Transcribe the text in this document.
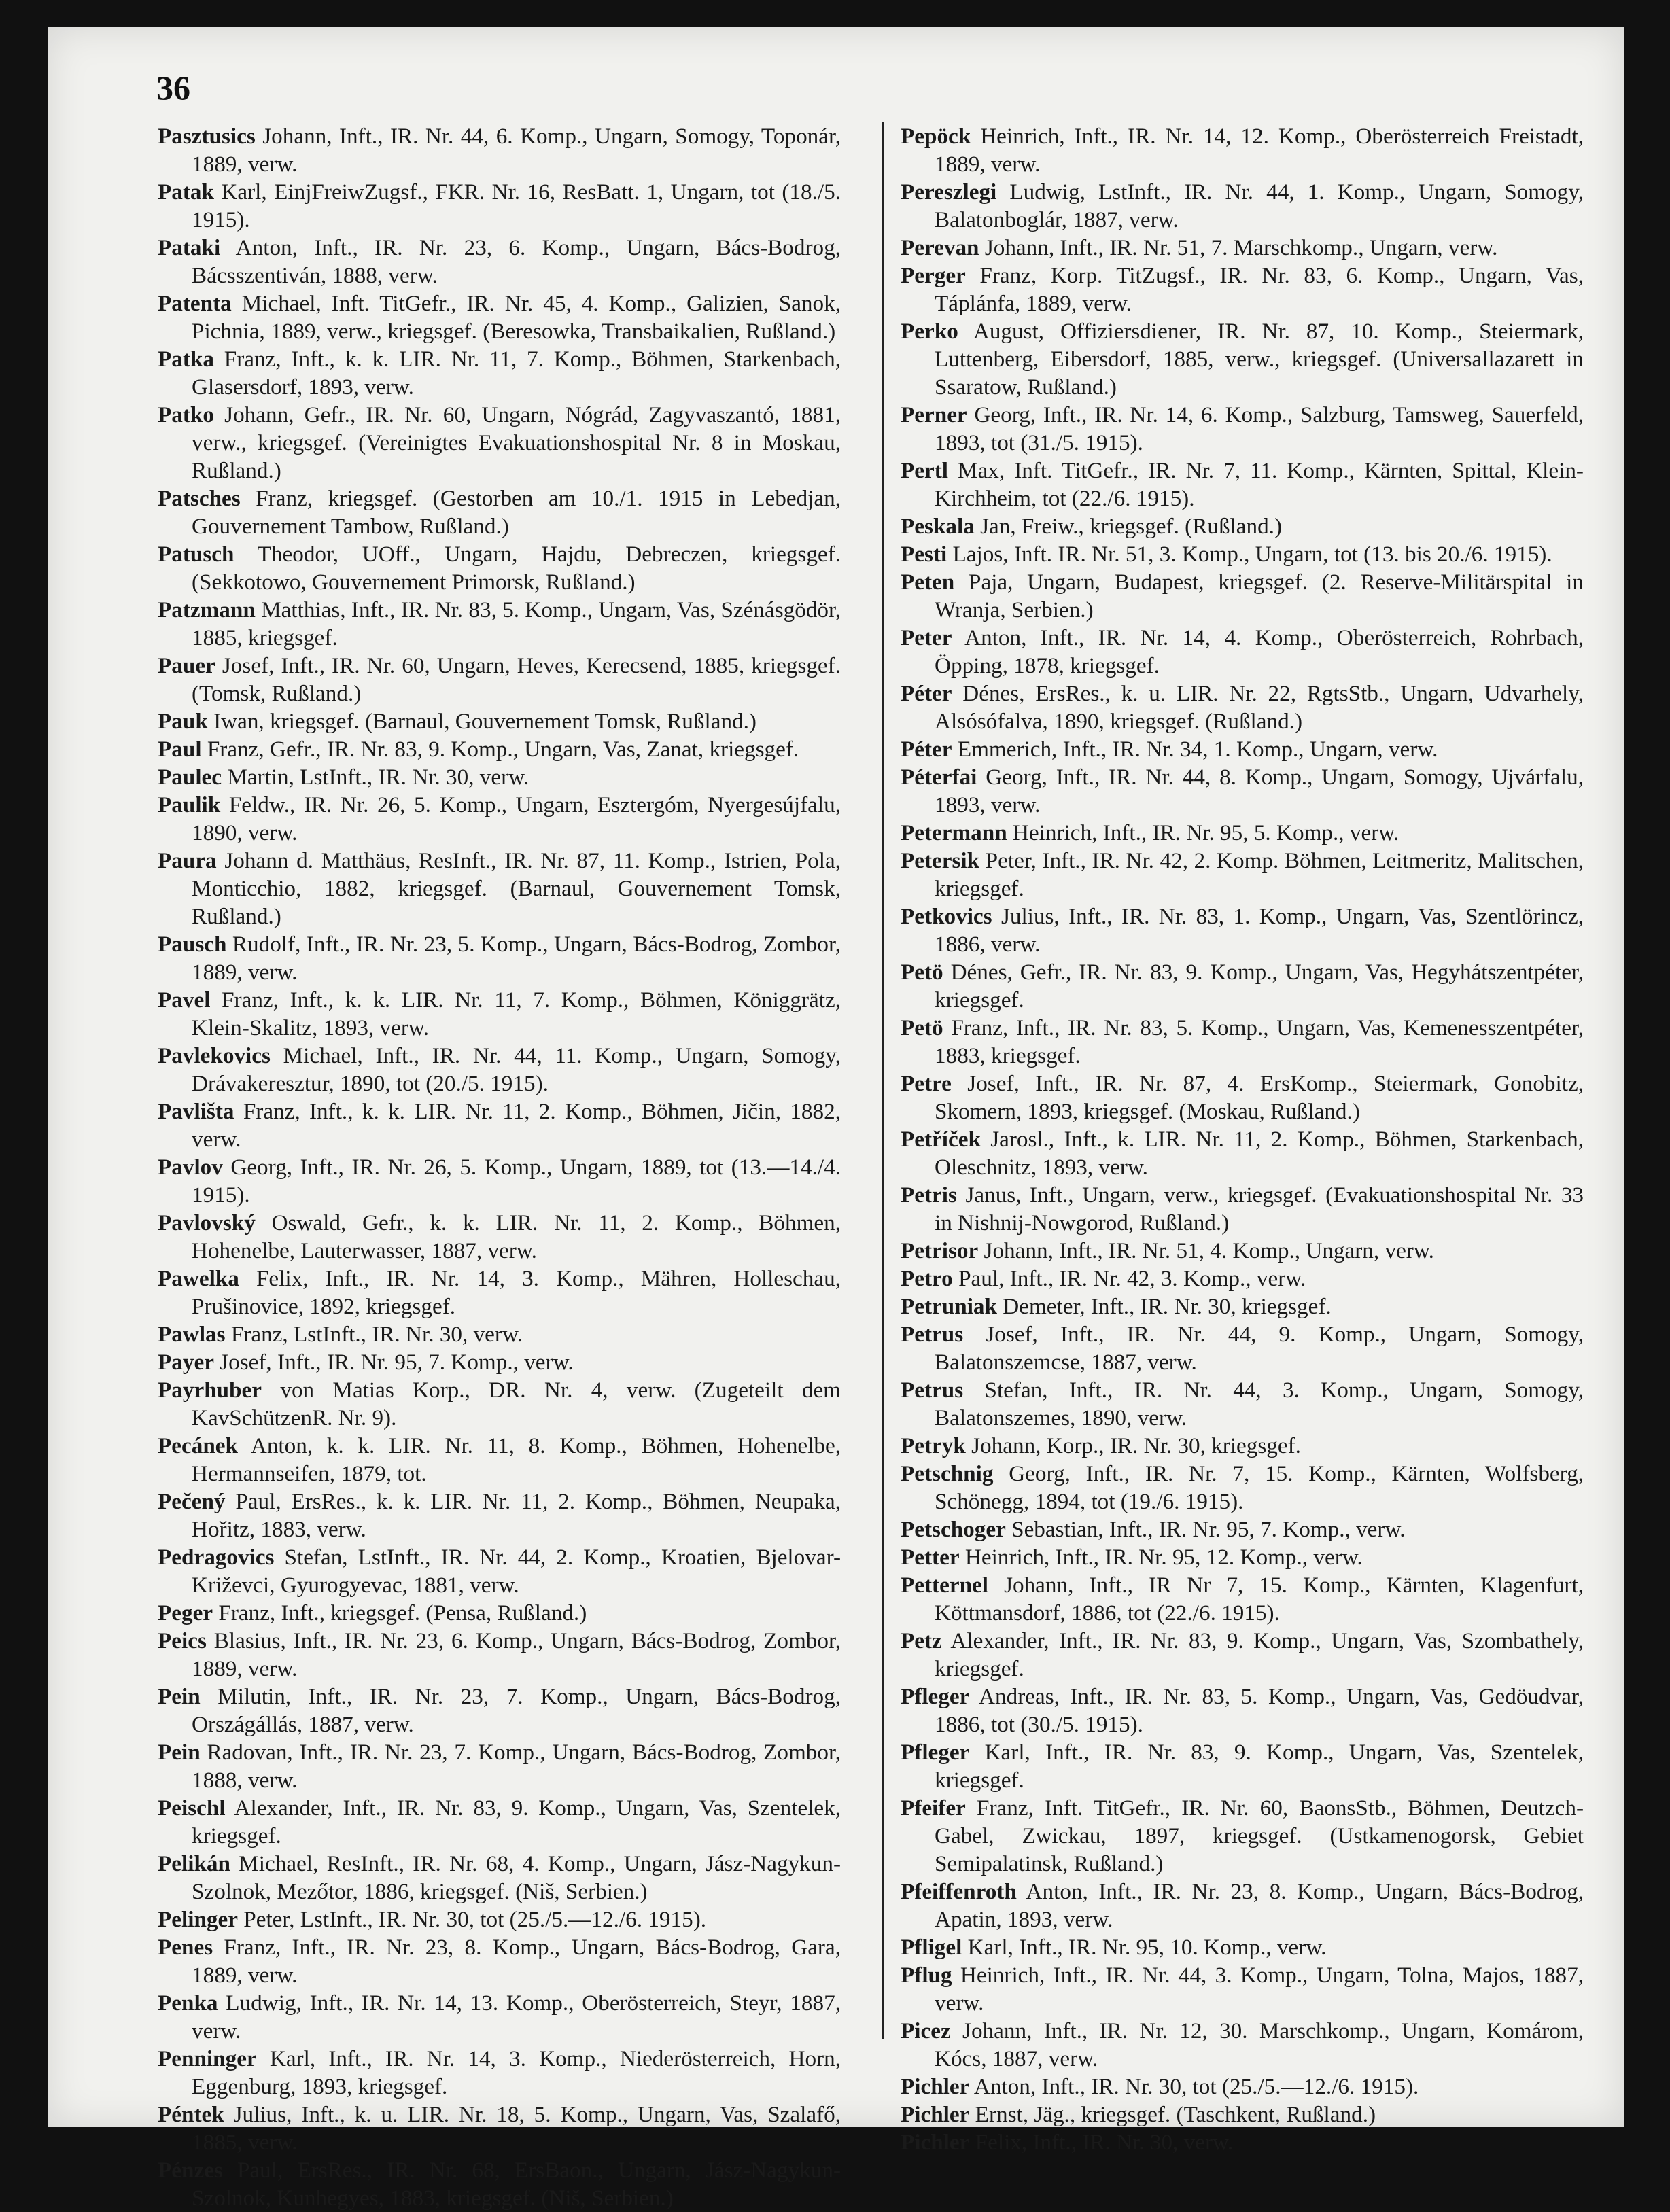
36

Pasztusics Johann, Inft., IR. Nr. 44, 6. Komp., Ungarn, Somogy, Toponár, 1889, verw.

Patak Karl, EinjFreiwZugsf., FKR. Nr. 16, ResBatt. 1, Ungarn, tot (18./5. 1915).

Pataki Anton, Inft., IR. Nr. 23, 6. Komp., Ungarn, Bács-Bodrog, Bácsszentiván, 1888, verw.

Patenta Michael, Inft. TitGefr., IR. Nr. 45, 4. Komp., Galizien, Sanok, Pichnia, 1889, verw., kriegsgef. (Beresowka, Transbaikalien, Rußland.)

Patka Franz, Inft., k. k. LIR. Nr. 11, 7. Komp., Böhmen, Starkenbach, Glasersdorf, 1893, verw.

Patko Johann, Gefr., IR. Nr. 60, Ungarn, Nógrád, Zagyvaszantó, 1881, verw., kriegsgef. (Vereinigtes Evakuationshospital Nr. 8 in Moskau, Rußland.)

Patsches Franz, kriegsgef. (Gestorben am 10./1. 1915 in Lebedjan, Gouvernement Tambow, Rußland.)

Patusch Theodor, UOff., Ungarn, Hajdu, Debreczen, kriegsgef. (Sekkotowo, Gouvernement Primorsk, Rußland.)

Patzmann Matthias, Inft., IR. Nr. 83, 5. Komp., Ungarn, Vas, Szénásgödör, 1885, kriegsgef.

Pauer Josef, Inft., IR. Nr. 60, Ungarn, Heves, Kerecsend, 1885, kriegsgef. (Tomsk, Rußland.)

Pauk Iwan, kriegsgef. (Barnaul, Gouvernement Tomsk, Rußland.)

Paul Franz, Gefr., IR. Nr. 83, 9. Komp., Ungarn, Vas, Zanat, kriegsgef.

Paulec Martin, LstInft., IR. Nr. 30, verw.

Paulik Feldw., IR. Nr. 26, 5. Komp., Ungarn, Esztergóm, Nyergesújfalu, 1890, verw.

Paura Johann d. Matthäus, ResInft., IR. Nr. 87, 11. Komp., Istrien, Pola, Monticchio, 1882, kriegsgef. (Barnaul, Gouvernement Tomsk, Rußland.)

Pausch Rudolf, Inft., IR. Nr. 23, 5. Komp., Ungarn, Bács-Bodrog, Zombor, 1889, verw.

Pavel Franz, Inft., k. k. LIR. Nr. 11, 7. Komp., Böhmen, Königgrätz, Klein-Skalitz, 1893, verw.

Pavlekovics Michael, Inft., IR. Nr. 44, 11. Komp., Ungarn, Somogy, Drávakeresztur, 1890, tot (20./5. 1915).

Pavlišta Franz, Inft., k. k. LIR. Nr. 11, 2. Komp., Böhmen, Jičin, 1882, verw.

Pavlov Georg, Inft., IR. Nr. 26, 5. Komp., Ungarn, 1889, tot (13.—14./4. 1915).

Pavlovský Oswald, Gefr., k. k. LIR. Nr. 11, 2. Komp., Böhmen, Hohenelbe, Lauterwasser, 1887, verw.

Pawelka Felix, Inft., IR. Nr. 14, 3. Komp., Mähren, Holleschau, Prušinovice, 1892, kriegsgef.

Pawlas Franz, LstInft., IR. Nr. 30, verw.

Payer Josef, Inft., IR. Nr. 95, 7. Komp., verw.

Payrhuber von Matias Korp., DR. Nr. 4, verw. (Zugeteilt dem KavSchützenR. Nr. 9).

Pecánek Anton, k. k. LIR. Nr. 11, 8. Komp., Böhmen, Hohenelbe, Hermannseifen, 1879, tot.

Pečený Paul, ErsRes., k. k. LIR. Nr. 11, 2. Komp., Böhmen, Neupaka, Hořitz, 1883, verw.

Pedragovics Stefan, LstInft., IR. Nr. 44, 2. Komp., Kroatien, Bjelovar-Križevci, Gyurogyevac, 1881, verw.

Peger Franz, Inft., kriegsgef. (Pensa, Rußland.)

Peics Blasius, Inft., IR. Nr. 23, 6. Komp., Ungarn, Bács-Bodrog, Zombor, 1889, verw.

Pein Milutin, Inft., IR. Nr. 23, 7. Komp., Ungarn, Bács-Bodrog, Országállás, 1887, verw.

Pein Radovan, Inft., IR. Nr. 23, 7. Komp., Ungarn, Bács-Bodrog, Zombor, 1888, verw.

Peischl Alexander, Inft., IR. Nr. 83, 9. Komp., Ungarn, Vas, Szentelek, kriegsgef.

Pelikán Michael, ResInft., IR. Nr. 68, 4. Komp., Ungarn, Jász-Nagykun-Szolnok, Mezőtor, 1886, kriegsgef. (Niš, Serbien.)

Pelinger Peter, LstInft., IR. Nr. 30, tot (25./5.—12./6. 1915).

Penes Franz, Inft., IR. Nr. 23, 8. Komp., Ungarn, Bács-Bodrog, Gara, 1889, verw.

Penka Ludwig, Inft., IR. Nr. 14, 13. Komp., Oberösterreich, Steyr, 1887, verw.

Penninger Karl, Inft., IR. Nr. 14, 3. Komp., Niederösterreich, Horn, Eggenburg, 1893, kriegsgef.

Péntek Julius, Inft., k. u. LIR. Nr. 18, 5. Komp., Ungarn, Vas, Szalafő, 1885, verw.

Pénzes Paul, ErsRes., IR. Nr. 68, ErsBaon., Ungarn, Jász-Nagykun-Szolnok, Kunhegyes, 1883, kriegsgef. (Niš, Serbien.)

Pepöck Heinrich, Inft., IR. Nr. 14, 12. Komp., Oberösterreich Freistadt, 1889, verw.

Pereszlegi Ludwig, LstInft., IR. Nr. 44, 1. Komp., Ungarn, Somogy, Balatonboglár, 1887, verw.

Perevan Johann, Inft., IR. Nr. 51, 7. Marschkomp., Ungarn, verw.

Perger Franz, Korp. TitZugsf., IR. Nr. 83, 6. Komp., Ungarn, Vas, Táplánfa, 1889, verw.

Perko August, Offiziersdiener, IR. Nr. 87, 10. Komp., Steiermark, Luttenberg, Eibersdorf, 1885, verw., kriegsgef. (Universallazarett in Ssaratow, Rußland.)

Perner Georg, Inft., IR. Nr. 14, 6. Komp., Salzburg, Tamsweg, Sauerfeld, 1893, tot (31./5. 1915).

Pertl Max, Inft. TitGefr., IR. Nr. 7, 11. Komp., Kärnten, Spittal, Klein-Kirchheim, tot (22./6. 1915).

Peskala Jan, Freiw., kriegsgef. (Rußland.)

Pesti Lajos, Inft. IR. Nr. 51, 3. Komp., Ungarn, tot (13. bis 20./6. 1915).

Peten Paja, Ungarn, Budapest, kriegsgef. (2. Reserve-Militärspital in Wranja, Serbien.)

Peter Anton, Inft., IR. Nr. 14, 4. Komp., Oberösterreich, Rohrbach, Öpping, 1878, kriegsgef.

Péter Dénes, ErsRes., k. u. LIR. Nr. 22, RgtsStb., Ungarn, Udvarhely, Alsósófalva, 1890, kriegsgef. (Rußland.)

Péter Emmerich, Inft., IR. Nr. 34, 1. Komp., Ungarn, verw.

Péterfai Georg, Inft., IR. Nr. 44, 8. Komp., Ungarn, Somogy, Ujvárfalu, 1893, verw.

Petermann Heinrich, Inft., IR. Nr. 95, 5. Komp., verw.

Petersik Peter, Inft., IR. Nr. 42, 2. Komp. Böhmen, Leitmeritz, Malitschen, kriegsgef.

Petkovics Julius, Inft., IR. Nr. 83, 1. Komp., Ungarn, Vas, Szentlörincz, 1886, verw.

Petö Dénes, Gefr., IR. Nr. 83, 9. Komp., Ungarn, Vas, Hegyhátszentpéter, kriegsgef.

Petö Franz, Inft., IR. Nr. 83, 5. Komp., Ungarn, Vas, Kemenesszentpéter, 1883, kriegsgef.

Petre Josef, Inft., IR. Nr. 87, 4. ErsKomp., Steiermark, Gonobitz, Skomern, 1893, kriegsgef. (Moskau, Rußland.)

Petříček Jarosl., Inft., k. LIR. Nr. 11, 2. Komp., Böhmen, Starkenbach, Oleschnitz, 1893, verw.

Petris Janus, Inft., Ungarn, verw., kriegsgef. (Evakuationshospital Nr. 33 in Nishnij-Nowgorod, Rußland.)

Petrisor Johann, Inft., IR. Nr. 51, 4. Komp., Ungarn, verw.

Petro Paul, Inft., IR. Nr. 42, 3. Komp., verw.

Petruniak Demeter, Inft., IR. Nr. 30, kriegsgef.

Petrus Josef, Inft., IR. Nr. 44, 9. Komp., Ungarn, Somogy, Balatonszemcse, 1887, verw.

Petrus Stefan, Inft., IR. Nr. 44, 3. Komp., Ungarn, Somogy, Balatonszemes, 1890, verw.

Petryk Johann, Korp., IR. Nr. 30, kriegsgef.

Petschnig Georg, Inft., IR. Nr. 7, 15. Komp., Kärnten, Wolfsberg, Schönegg, 1894, tot (19./6. 1915).

Petschoger Sebastian, Inft., IR. Nr. 95, 7. Komp., verw.

Petter Heinrich, Inft., IR. Nr. 95, 12. Komp., verw.

Petternel Johann, Inft., IR Nr 7, 15. Komp., Kärnten, Klagenfurt, Köttmansdorf, 1886, tot (22./6. 1915).

Petz Alexander, Inft., IR. Nr. 83, 9. Komp., Ungarn, Vas, Szombathely, kriegsgef.

Pfleger Andreas, Inft., IR. Nr. 83, 5. Komp., Ungarn, Vas, Gedöudvar, 1886, tot (30./5. 1915).

Pfleger Karl, Inft., IR. Nr. 83, 9. Komp., Ungarn, Vas, Szentelek, kriegsgef.

Pfeifer Franz, Inft. TitGefr., IR. Nr. 60, BaonsStb., Böhmen, Deutzch-Gabel, Zwickau, 1897, kriegsgef. (Ustkamenogorsk, Gebiet Semipalatinsk, Rußland.)

Pfeiffenroth Anton, Inft., IR. Nr. 23, 8. Komp., Ungarn, Bács-Bodrog, Apatin, 1893, verw.

Pfligel Karl, Inft., IR. Nr. 95, 10. Komp., verw.

Pflug Heinrich, Inft., IR. Nr. 44, 3. Komp., Ungarn, Tolna, Majos, 1887, verw.

Picez Johann, Inft., IR. Nr. 12, 30. Marschkomp., Ungarn, Komárom, Kócs, 1887, verw.

Pichler Anton, Inft., IR. Nr. 30, tot (25./5.—12./6. 1915).

Pichler Ernst, Jäg., kriegsgef. (Taschkent, Rußland.)

Pichler Felix, Inft., IR. Nr. 30, verw.
